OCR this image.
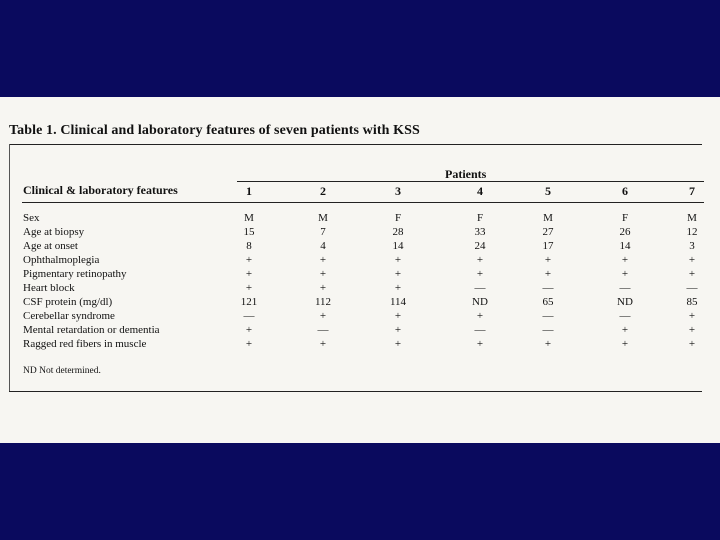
Table 1. Clinical and laboratory features of seven patients with KSS
Patients
Clinical & laboratory features	1	2	3	4	5	6	7
Sex	M	M	F	F	M	F	M
Age at biopsy	15	7	28	33	27	26	12
Age at onset	8	4	14	24	17	14	3
Ophthalmoplegia	+	+	+	+	+	+	+
Pigmentary retinopathy	+	+	+	+	+	+	+
Heart block	+	+	+	—	—	—	—
CSF protein (mg/dl)	121	112	114	ND	65	ND	85
Cerebellar syndrome	—	+	+	+	—	—	+
Mental retardation or dementia	+	—	+	—	—	+	+
Ragged red fibers in muscle	+	+	+	+	+	+	+
ND Not determined.
